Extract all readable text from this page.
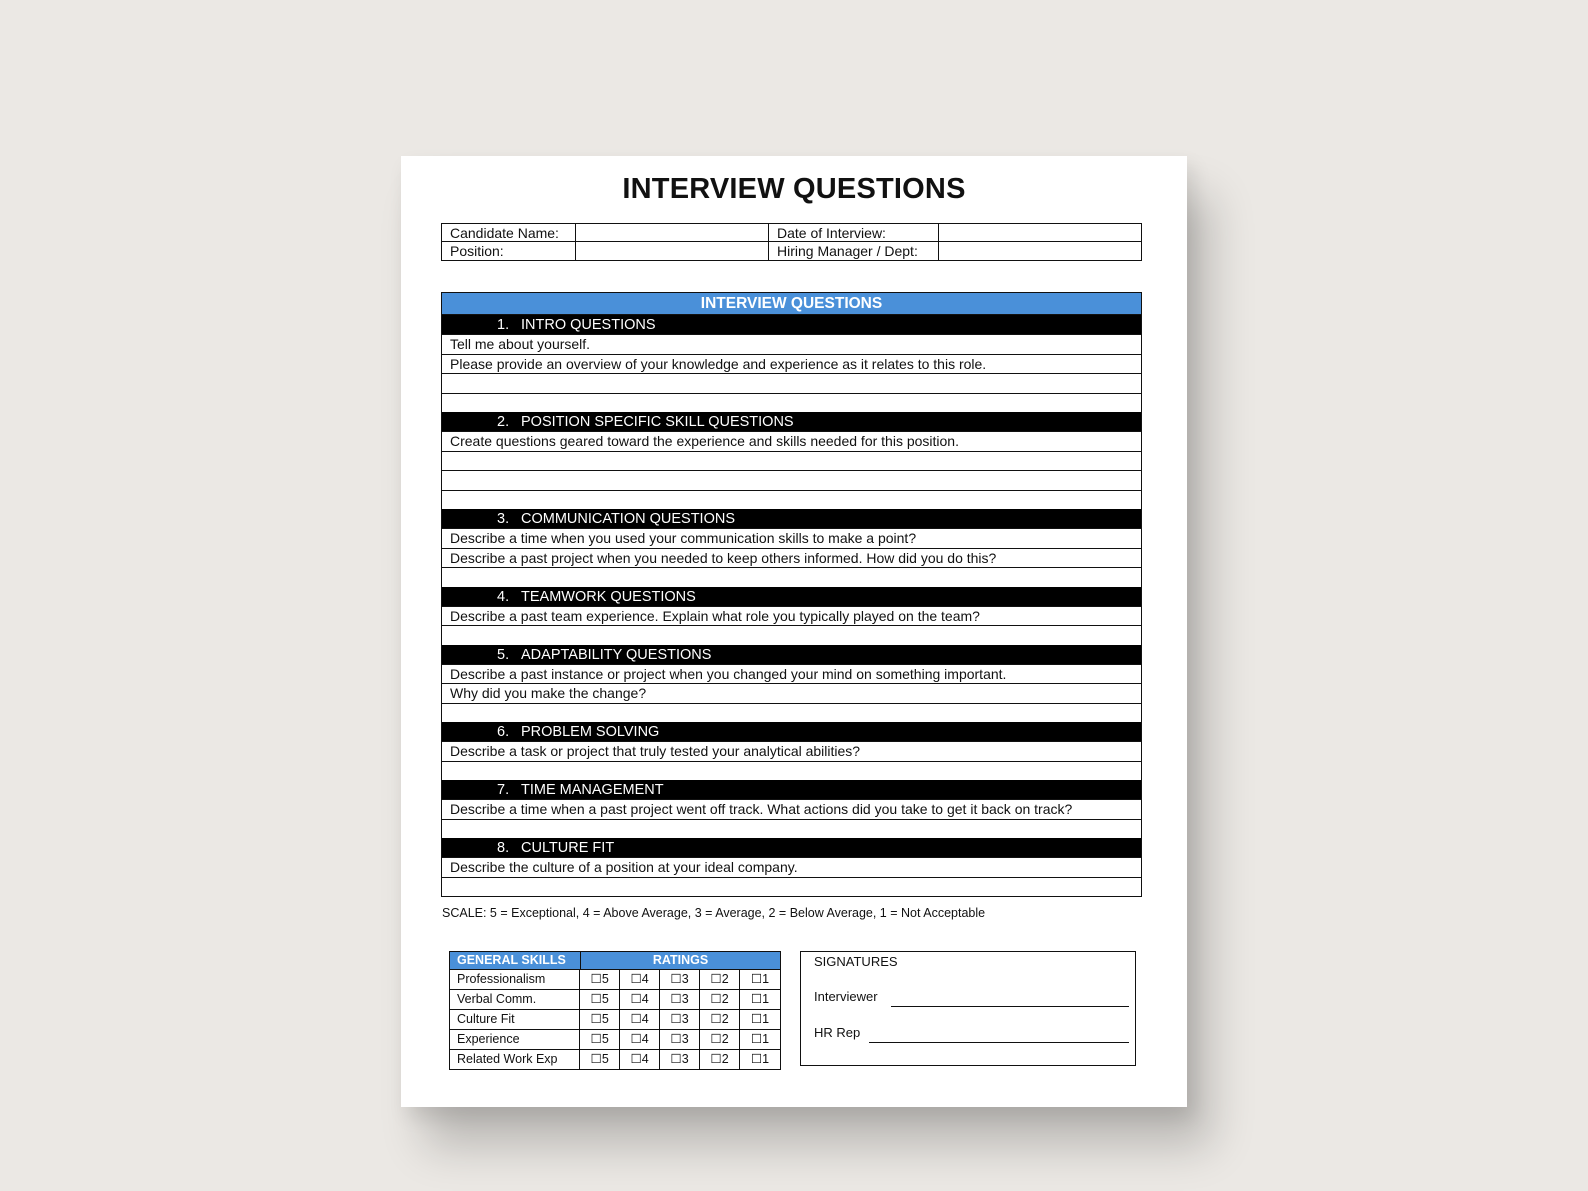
INTERVIEW QUESTIONS
Candidate Name:	Date of Interview:
Position:	Hiring Manager / Dept:
INTERVIEW QUESTIONS
1. INTRO QUESTIONS
Tell me about yourself.
Please provide an overview of your knowledge and experience as it relates to this role.
2. POSITION SPECIFIC SKILL QUESTIONS
Create questions geared toward the experience and skills needed for this position.
3. COMMUNICATION QUESTIONS
Describe a time when you used your communication skills to make a point?
Describe a past project when you needed to keep others informed. How did you do this?
4. TEAMWORK QUESTIONS
Describe a past team experience. Explain what role you typically played on the team?
5. ADAPTABILITY QUESTIONS
Describe a past instance or project when you changed your mind on something important.
Why did you make the change?
6. PROBLEM SOLVING
Describe a task or project that truly tested your analytical abilities?
7. TIME MANAGEMENT
Describe a time when a past project went off track. What actions did you take to get it back on track?
8. CULTURE FIT
Describe the culture of a position at your ideal company.
SCALE: 5 = Exceptional, 4 = Above Average, 3 = Average, 2 = Below Average, 1 = Not Acceptable
GENERAL SKILLS	RATINGS
Professionalism	☐5	☐4	☐3	☐2	☐1
Verbal Comm.	☐5	☐4	☐3	☐2	☐1
Culture Fit	☐5	☐4	☐3	☐2	☐1
Experience	☐5	☐4	☐3	☐2	☐1
Related Work Exp	☐5	☐4	☐3	☐2	☐1
SIGNATURES
Interviewer
HR Rep
